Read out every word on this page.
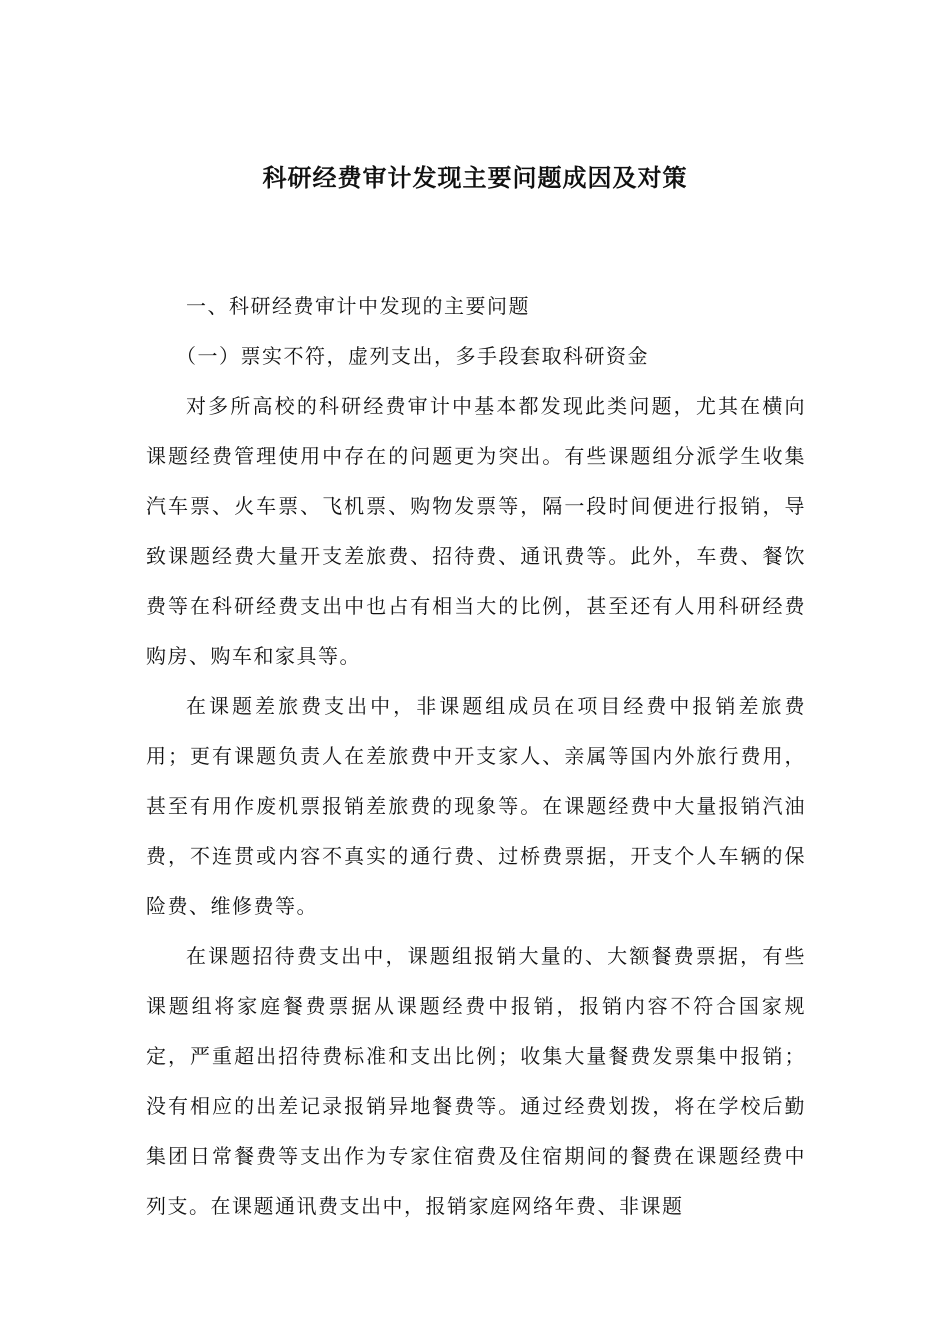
科研经费审计发现主要问题成因及对策

一、科研经费审计中发现的主要问题

（一）票实不符，虚列支出，多手段套取科研资金

对多所高校的科研经费审计中基本都发现此类问题，尤其在横向课题经费管理使用中存在的问题更为突出。有些课题组分派学生收集汽车票、火车票、飞机票、购物发票等，隔一段时间便进行报销，导致课题经费大量开支差旅费、招待费、通讯费等。此外，车费、餐饮费等在科研经费支出中也占有相当大的比例，甚至还有人用科研经费购房、购车和家具等。

在课题差旅费支出中，非课题组成员在项目经费中报销差旅费用；更有课题负责人在差旅费中开支家人、亲属等国内外旅行费用，甚至有用作废机票报销差旅费的现象等。在课题经费中大量报销汽油费，不连贯或内容不真实的通行费、过桥费票据，开支个人车辆的保险费、维修费等。

在课题招待费支出中，课题组报销大量的、大额餐费票据，有些课题组将家庭餐费票据从课题经费中报销，报销内容不符合国家规定，严重超出招待费标准和支出比例；收集大量餐费发票集中报销；没有相应的出差记录报销异地餐费等。通过经费划拨，将在学校后勤集团日常餐费等支出作为专家住宿费及住宿期间的餐费在课题经费中列支。在课题通讯费支出中，报销家庭网络年费、非课题
